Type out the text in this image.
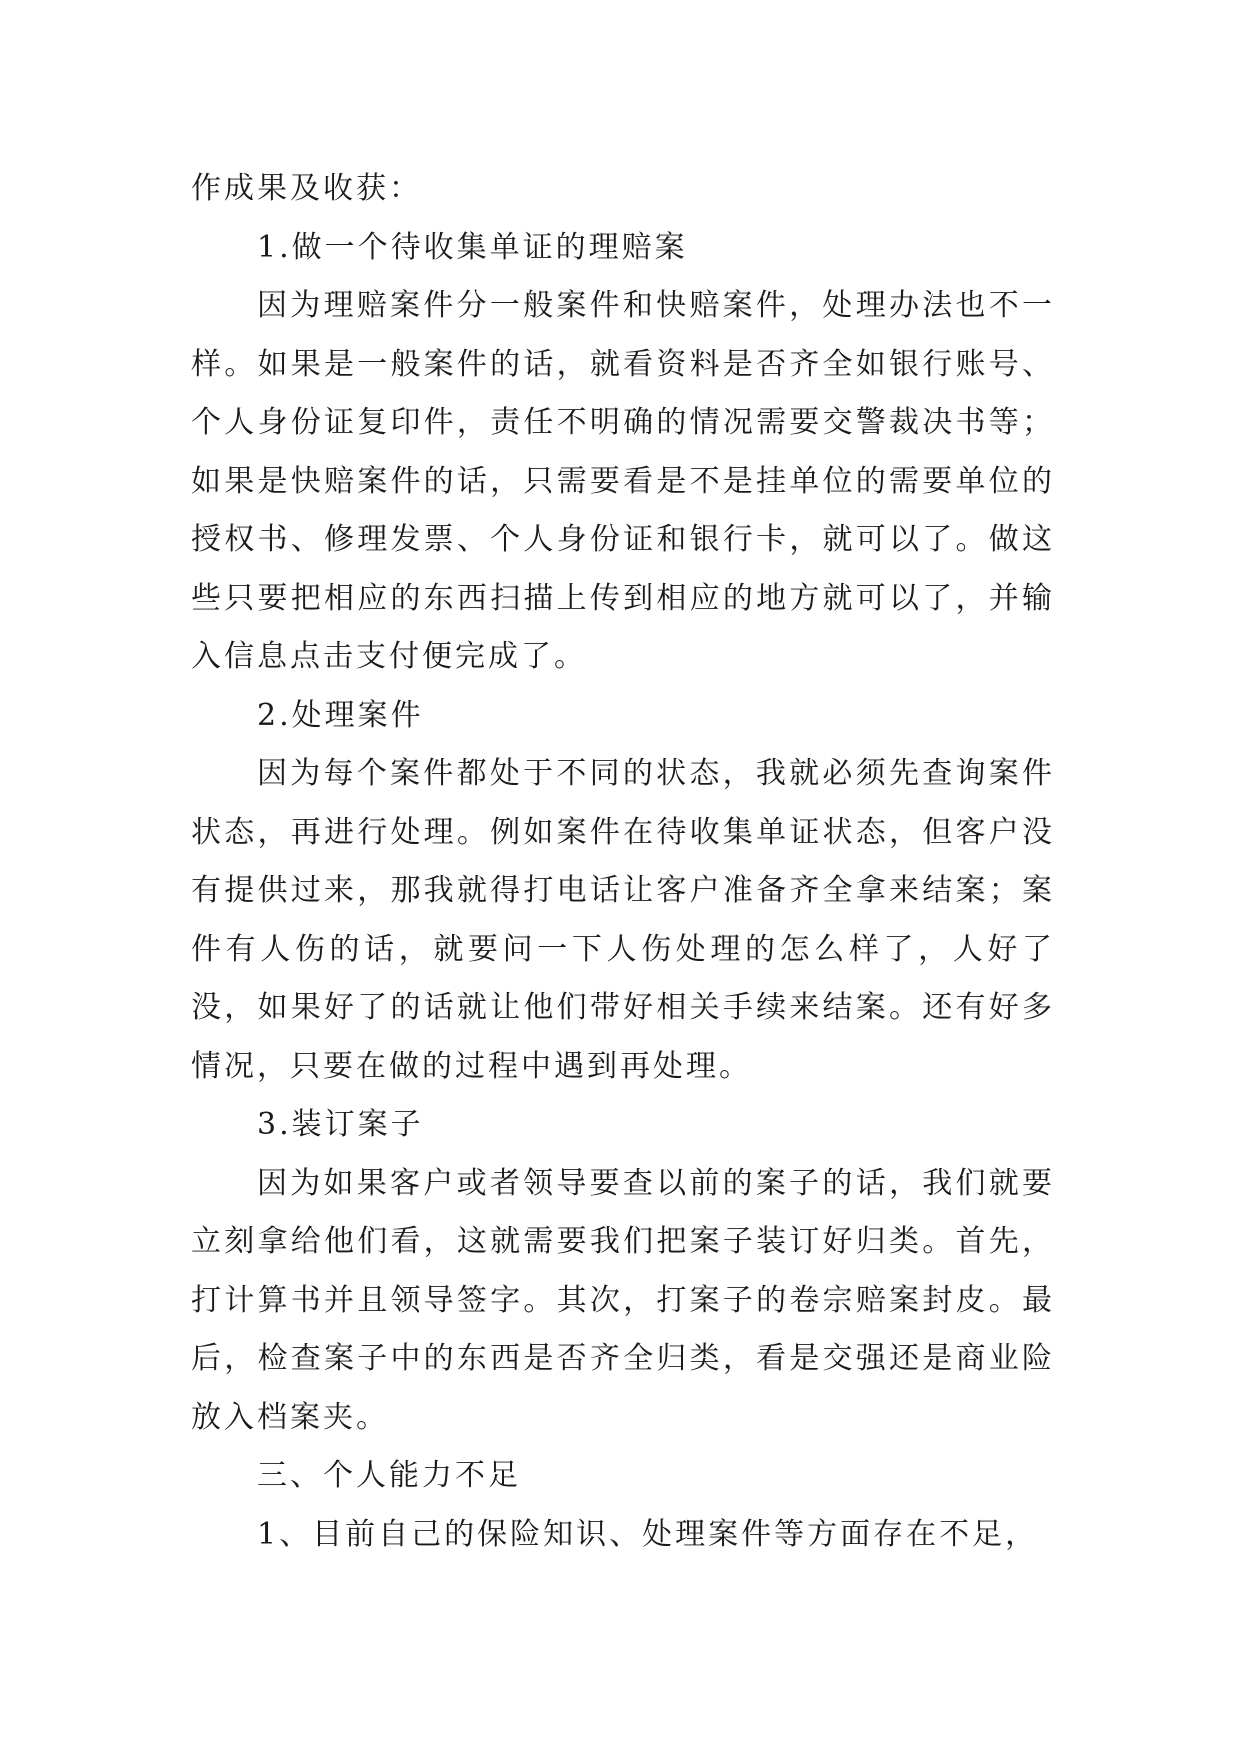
作成果及收获：

1.做一个待收集单证的理赔案

因为理赔案件分一般案件和快赔案件，处理办法也不一样。如果是一般案件的话，就看资料是否齐全如银行账号、个人身份证复印件，责任不明确的情况需要交警裁决书等；如果是快赔案件的话，只需要看是不是挂单位的需要单位的授权书、修理发票、个人身份证和银行卡，就可以了。做这些只要把相应的东西扫描上传到相应的地方就可以了，并输入信息点击支付便完成了。

2.处理案件

因为每个案件都处于不同的状态，我就必须先查询案件状态，再进行处理。例如案件在待收集单证状态，但客户没有提供过来，那我就得打电话让客户准备齐全拿来结案；案件有人伤的话，就要问一下人伤处理的怎么样了，人好了没，如果好了的话就让他们带好相关手续来结案。还有好多情况，只要在做的过程中遇到再处理。

3.装订案子

因为如果客户或者领导要查以前的案子的话，我们就要立刻拿给他们看，这就需要我们把案子装订好归类。首先，打计算书并且领导签字。其次，打案子的卷宗赔案封皮。最后，检查案子中的东西是否齐全归类，看是交强还是商业险放入档案夹。

三、个人能力不足

1、目前自己的保险知识、处理案件等方面存在不足，
